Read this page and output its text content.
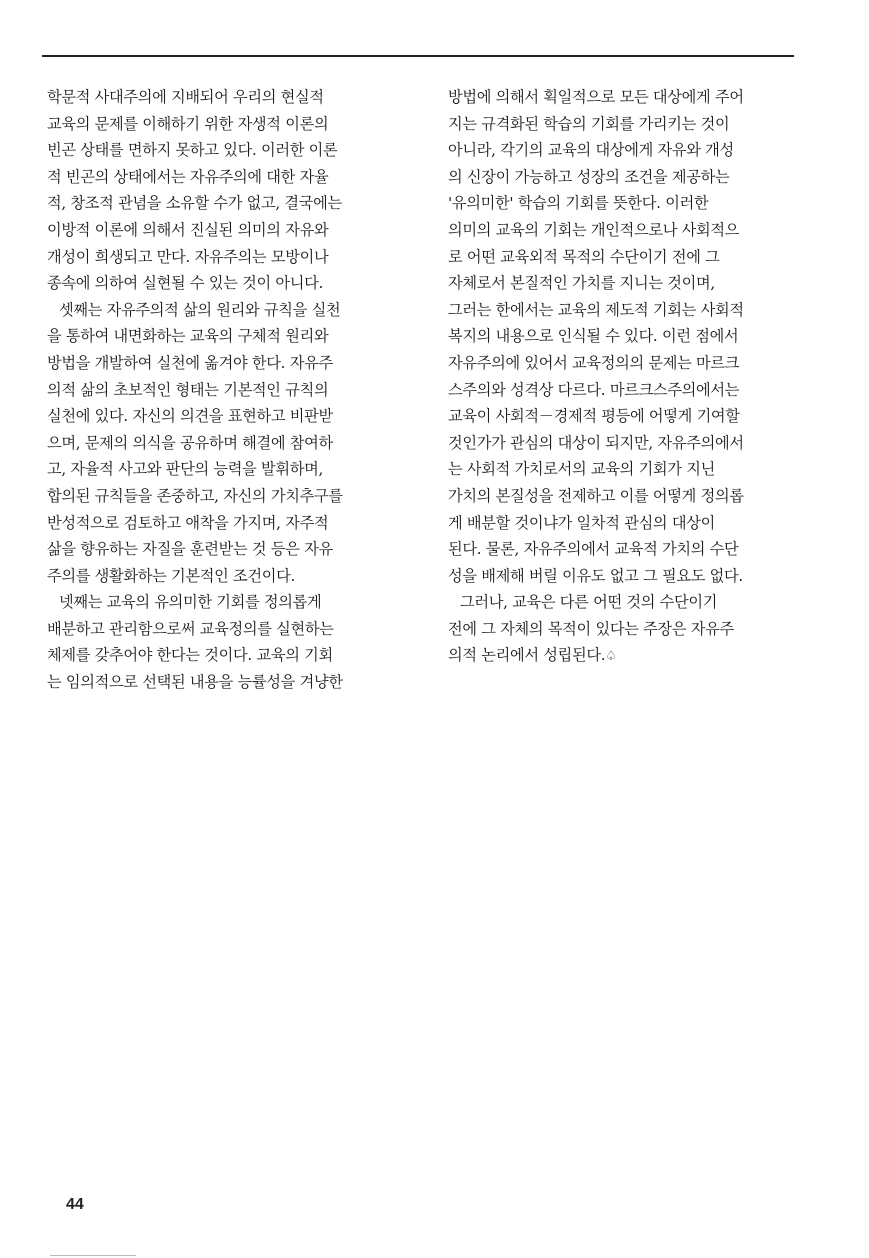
학문적 사대주의에 지배되어 우리의 현실적
교육의 문제를 이해하기 위한 자생적 이론의
빈곤 상태를 면하지 못하고 있다. 이러한 이론
적 빈곤의 상태에서는 자유주의에 대한 자율
적, 창조적 관념을 소유할 수가 없고, 결국에는
이방적 이론에 의해서 진실된 의미의 자유와
개성이 희생되고 만다. 자유주의는 모방이나
종속에 의하여 실현될 수 있는 것이 아니다.
셋째는 자유주의적 삶의 원리와 규칙을 실천
을 통하여 내면화하는 교육의 구체적 원리와
방법을 개발하여 실천에 옮겨야 한다. 자유주
의적 삶의 초보적인 형태는 기본적인 규칙의
실천에 있다. 자신의 의견을 표현하고 비판받
으며, 문제의 의식을 공유하며 해결에 참여하
고, 자율적 사고와 판단의 능력을 발휘하며,
합의된 규칙들을 존중하고, 자신의 가치추구를
반성적으로 검토하고 애착을 가지며, 자주적
삶을 향유하는 자질을 훈련받는 것 등은 자유
주의를 생활화하는 기본적인 조건이다.
넷째는 교육의 유의미한 기회를 정의롭게
배분하고 관리함으로써 교육정의를 실현하는
체제를 갖추어야 한다는 것이다. 교육의 기회
는 임의적으로 선택된 내용을 능률성을 겨냥한
방법에 의해서 획일적으로 모든 대상에게 주어
지는 규격화된 학습의 기회를 가리키는 것이
아니라, 각기의 교육의 대상에게 자유와 개성
의 신장이 가능하고 성장의 조건을 제공하는
'유의미한' 학습의 기회를 뜻한다. 이러한
의미의 교육의 기회는 개인적으로나 사회적으
로 어떤 교육외적 목적의 수단이기 전에 그
자체로서 본질적인 가치를 지니는 것이며,
그러는 한에서는 교육의 제도적 기회는 사회적
복지의 내용으로 인식될 수 있다. 이런 점에서
자유주의에 있어서 교육정의의 문제는 마르크
스주의와 성격상 다르다. 마르크스주의에서는
교육이 사회적－경제적 평등에 어떻게 기여할
것인가가 관심의 대상이 되지만, 자유주의에서
는 사회적 가치로서의 교육의 기회가 지닌
가치의 본질성을 전제하고 이를 어떻게 정의롭
게 배분할 것이냐가 일차적 관심의 대상이
된다. 물론, 자유주의에서 교육적 가치의 수단
성을 배제해 버릴 이유도 없고 그 필요도 없다.
그러나, 교육은 다른 어떤 것의 수단이기
전에 그 자체의 목적이 있다는 주장은 자유주
의적 논리에서 성립된다.♤
44
